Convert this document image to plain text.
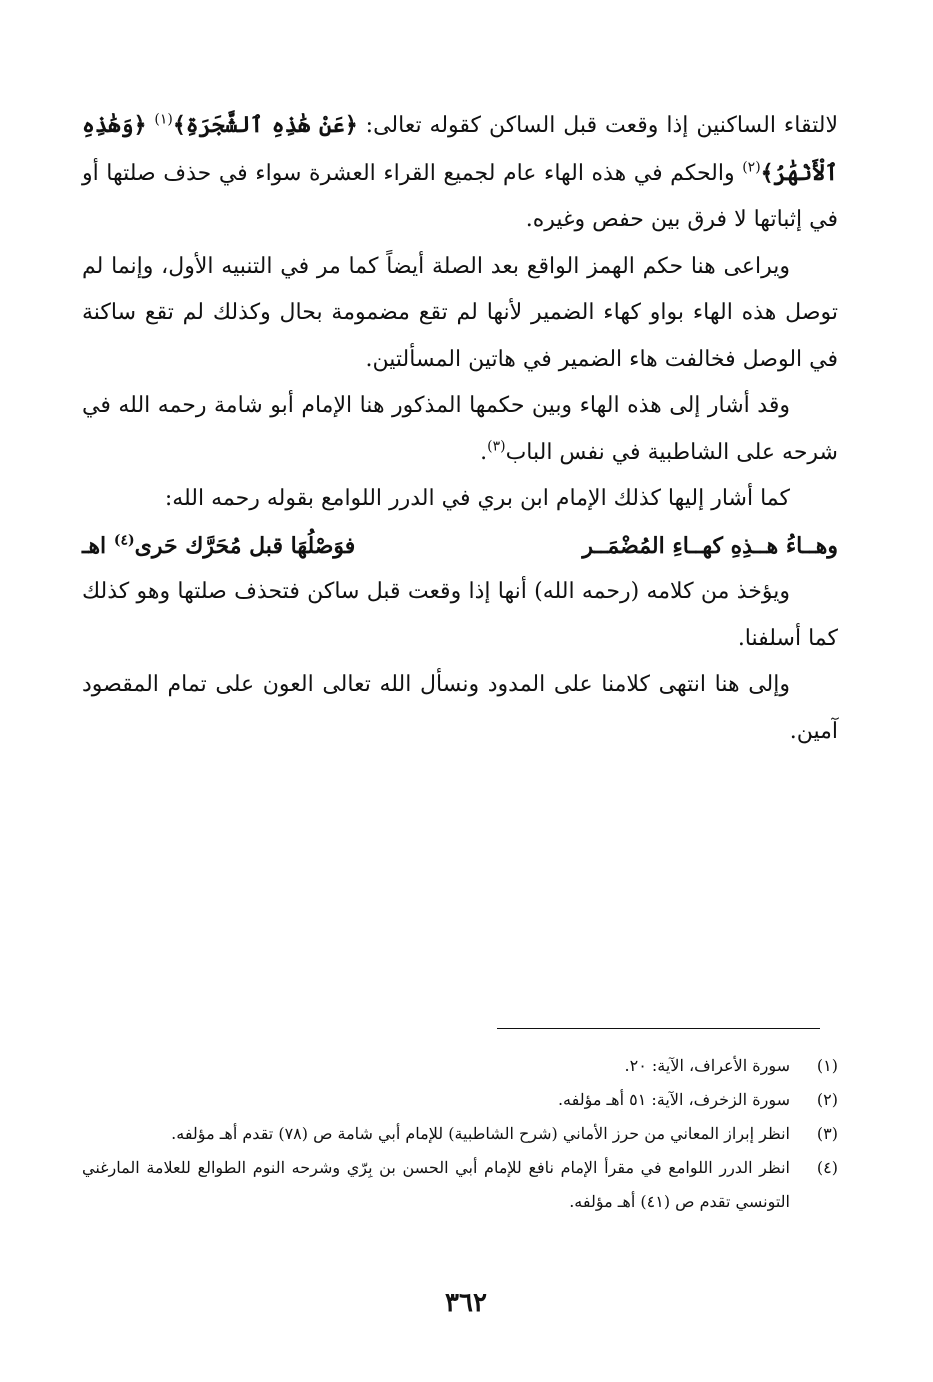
لالتقاء الساكنين إذا وقعت قبل الساكن كقوله تعالى: ﴿عَنْ هَٰذِهِ ٱلشَّجَرَةِ﴾$^{(١)}$ ﴿وَهَٰذِهِ ٱلْأَنْهَٰرُ﴾$^{(٢)}$ والحكم في هذه الهاء عام لجميع القراء العشرة سواء في حذف صلتها أو في إثباتها لا فرق بين حفص وغيره.

ويراعى هنا حكم الهمز الواقع بعد الصلة أيضاً كما مر في التنبيه الأول، وإنما لم توصل هذه الهاء بواو كهاء الضمير لأنها لم تقع مضمومة بحال وكذلك لم تقع ساكنة في الوصل فخالفت هاء الضمير في هاتين المسألتين.

وقد أشار إلى هذه الهاء وبين حكمها المذكور هنا الإمام أبو شامة رحمه الله في شرحه على الشاطبية في نفس الباب$^{(٣)}$.

كما أشار إليها كذلك الإمام ابن بري في الدرر اللوامع بقوله رحمه الله:

وهــاءُ هــذِهِ كهــاءِ المُضْمَــر
فوَصْلُهَا قبل مُحَرَّك حَرى$^{(٤)}$ اهـ

ويؤخذ من كلامه (رحمه الله) أنها إذا وقعت قبل ساكن فتحذف صلتها وهو كذلك كما أسلفنا.

وإلى هنا انتهى كلامنا على المدود ونسأل الله تعالى العون على تمام المقصود آمين.

(١)
سورة الأعراف، الآية: ٢٠.
(٢)
سورة الزخرف، الآية: ٥١ أهـ مؤلفه.
(٣)
انظر إبراز المعاني من حرز الأماني (شرح الشاطبية) للإمام أبي شامة ص (٧٨) تقدم أهـ مؤلفه.
(٤)
انظر الدرر اللوامع في مقرأ الإمام نافع للإمام أبي الحسن بن بِرّي وشرحه النوم الطوالع للعلامة المارغني التونسي تقدم ص (٤١) أهـ مؤلفه.
٣٦٢
